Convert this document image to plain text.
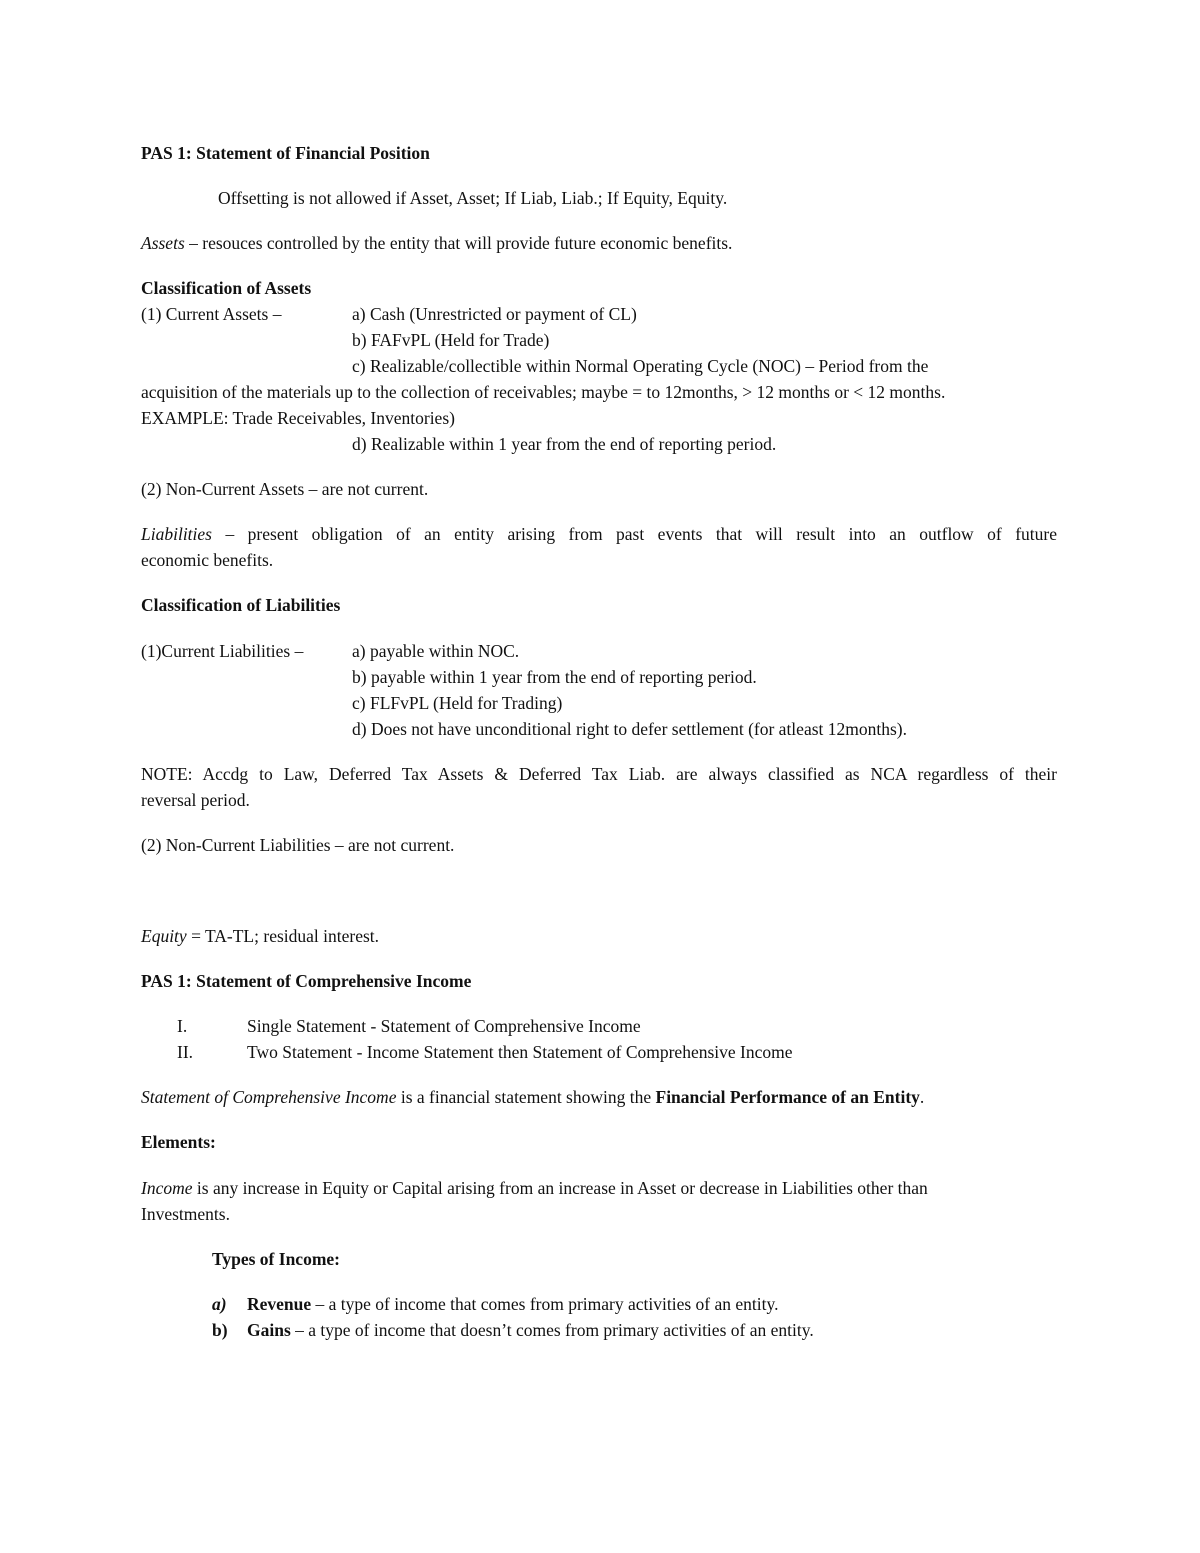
PAS 1: Statement of Financial Position
Offsetting is not allowed if Asset, Asset; If Liab, Liab.; If Equity, Equity.
Assets – resouces controlled by the entity that will provide future economic benefits.
Classification of Assets
(1) Current Assets –	a) Cash (Unrestricted or payment of CL)
b) FAFvPL (Held for Trade)
c) Realizable/collectible within Normal Operating Cycle (NOC) – Period from the
acquisition of the materials up to the collection of receivables; maybe = to 12months, > 12 months or < 12 months.
EXAMPLE: Trade Receivables, Inventories)
d) Realizable within 1 year from the end of reporting period.
(2) Non-Current Assets – are not current.
Liabilities – present obligation of an entity arising from past events that will result into an outflow of future
economic benefits.
Classification of Liabilities
(1)Current Liabilities –	a) payable within NOC.
b) payable within 1 year from the end of reporting period.
c) FLFvPL (Held for Trading)
d) Does not have unconditional right to defer settlement (for atleast 12months).
NOTE: Accdg to Law, Deferred Tax Assets & Deferred Tax Liab. are always classified as NCA regardless of their
reversal period.
(2) Non-Current Liabilities – are not current.
Equity = TA-TL; residual interest.
PAS 1: Statement of Comprehensive Income
I.	Single Statement - Statement of Comprehensive Income
II.	Two Statement - Income Statement then Statement of Comprehensive Income
Statement of Comprehensive Income is a financial statement showing the Financial Performance of an Entity.
Elements:
Income is any increase in Equity or Capital arising from an increase in Asset or decrease in Liabilities other than
Investments.
Types of Income:
a) Revenue – a type of income that comes from primary activities of an entity.
b) Gains – a type of income that doesn’t comes from primary activities of an entity.
